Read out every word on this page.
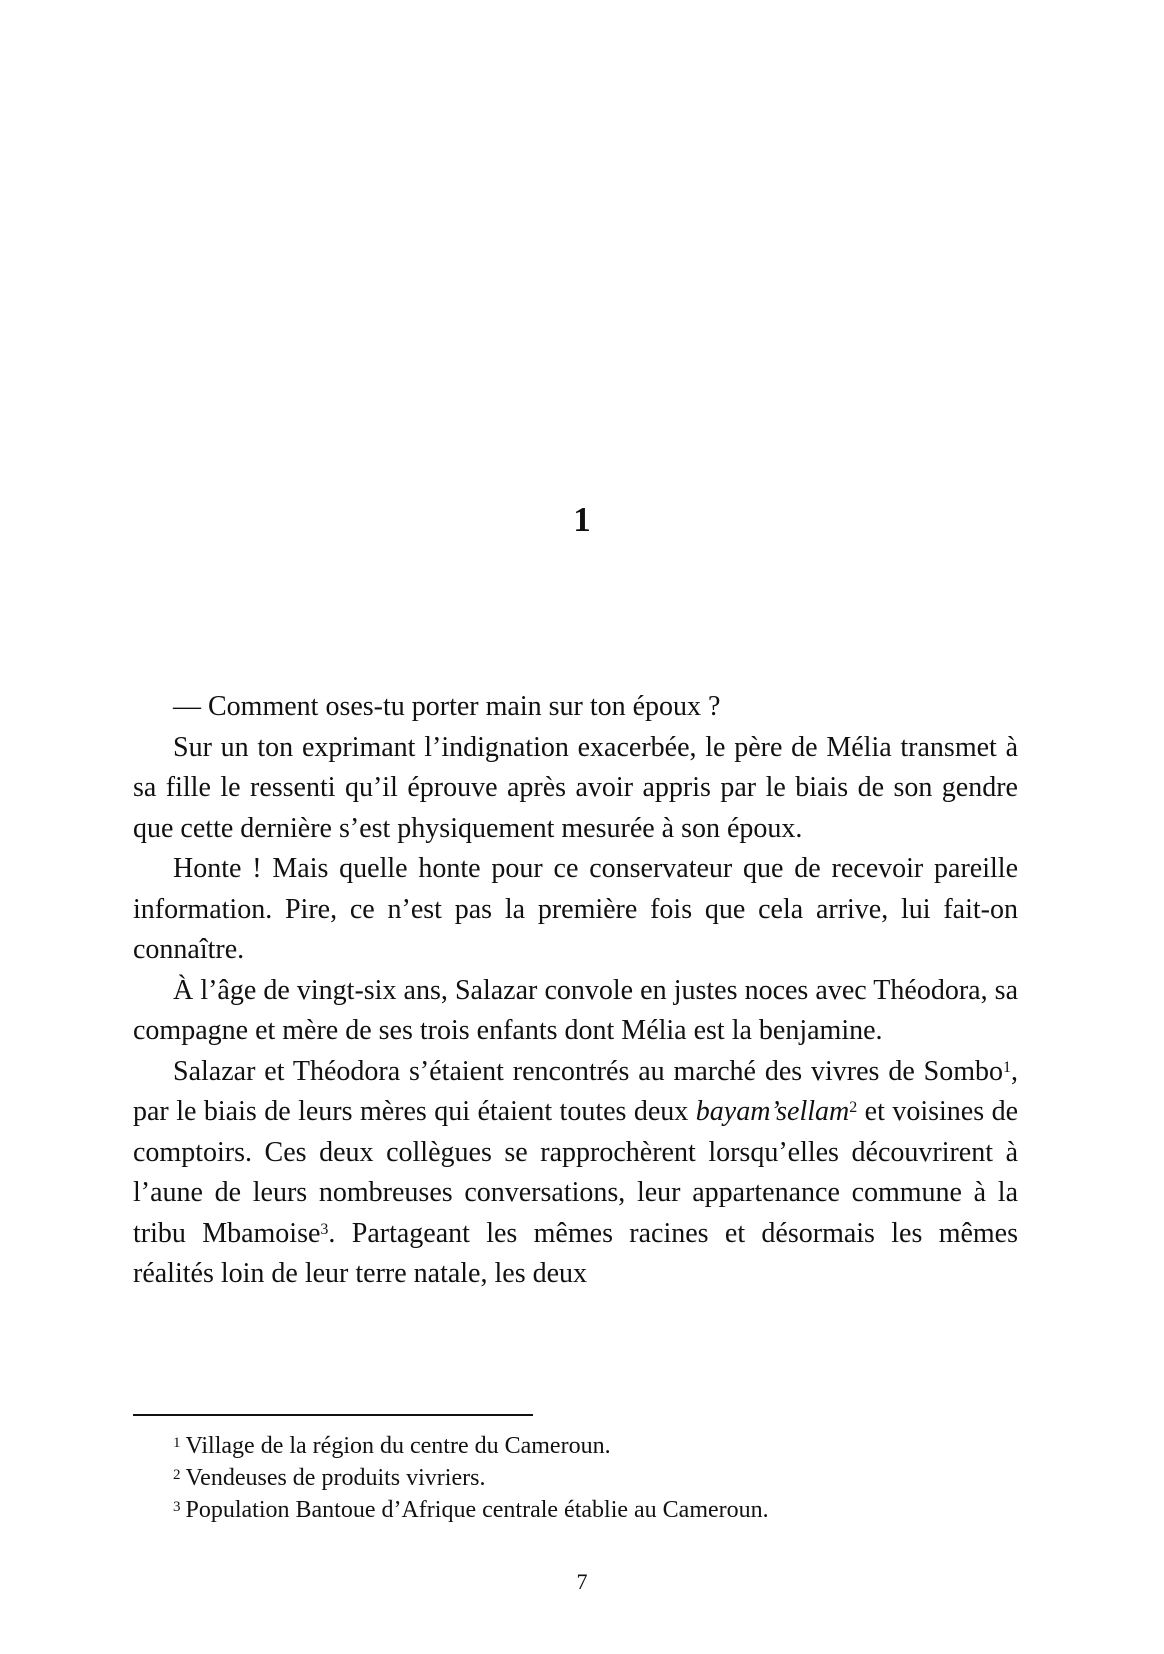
1

— Comment oses-tu porter main sur ton époux ?

Sur un ton exprimant l’indignation exacerbée, le père de Mélia transmet à sa fille le ressenti qu’il éprouve après avoir appris par le biais de son gendre que cette dernière s’est physiquement mesurée à son époux.

Honte ! Mais quelle honte pour ce conservateur que de recevoir pareille information. Pire, ce n’est pas la première fois que cela arrive, lui fait-on connaître.

À l’âge de vingt-six ans, Salazar convole en justes noces avec Théodora, sa compagne et mère de ses trois enfants dont Mélia est la benjamine.

Salazar et Théodora s’étaient rencontrés au marché des vivres de Sombo$^1$, par le biais de leurs mères qui étaient toutes deux bayam’sellam$^2$ et voisines de comptoirs. Ces deux collègues se rapprochèrent lorsqu’elles découvrirent à l’aune de leurs nombreuses conversations, leur appartenance commune à la tribu Mbamoise$^3$. Partageant les mêmes racines et désormais les mêmes réalités loin de leur terre natale, les deux

$^1$ Village de la région du centre du Cameroun.

$^2$ Vendeuses de produits vivriers.

$^3$ Population Bantoue d’Afrique centrale établie au Cameroun.

7
